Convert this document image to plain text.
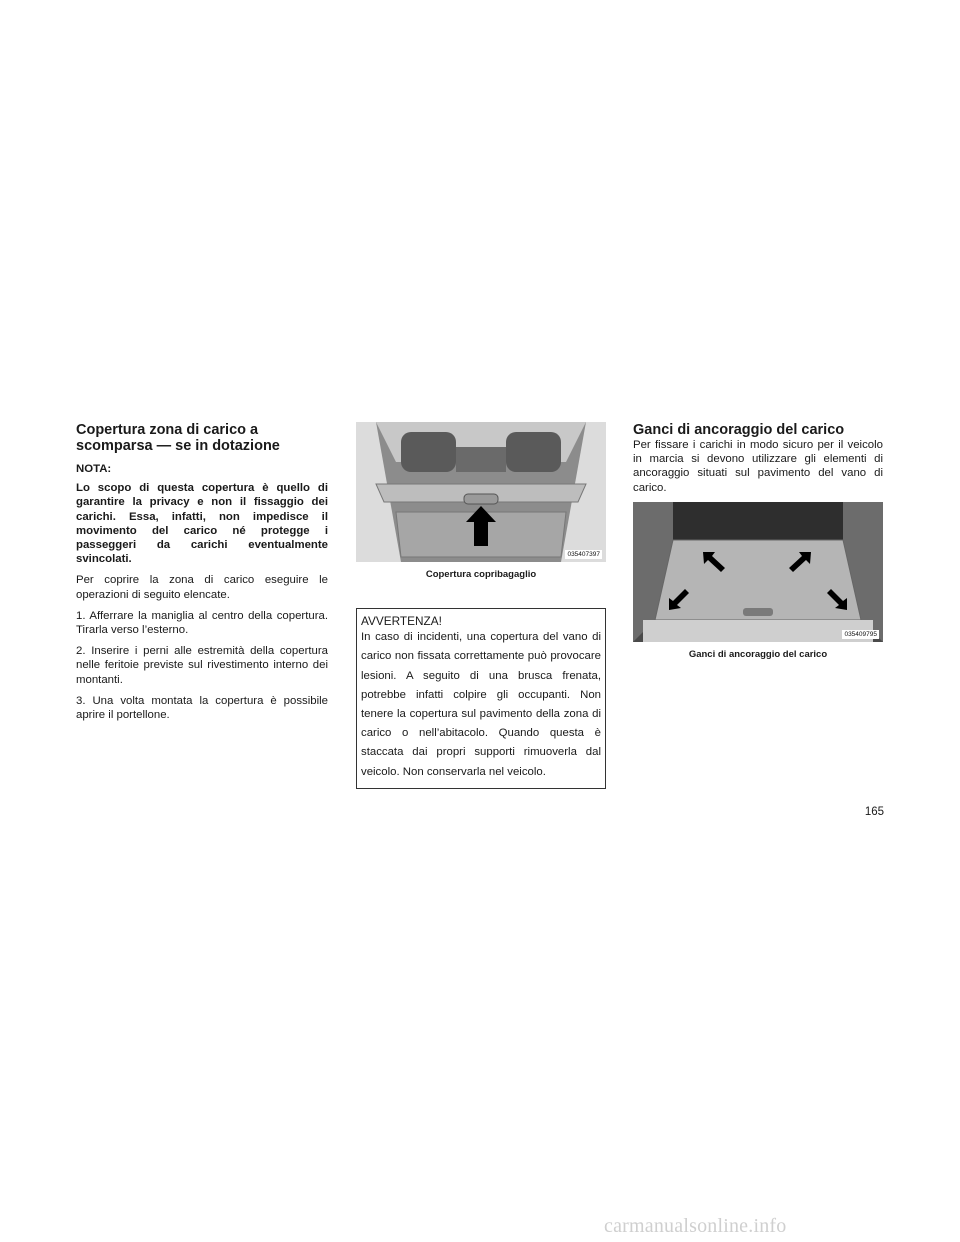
Copertura zona di carico a
scomparsa — se in dotazione

NOTA:

Lo scopo di questa copertura è quello di garantire la privacy e non il fissaggio dei carichi. Essa, infatti, non impedisce il movimento del carico né protegge i passeggeri da carichi eventualmente svincolati.

Per coprire la zona di carico eseguire le operazioni di seguito elencate.

1. Afferrare la maniglia al centro della copertura. Tirarla verso l’esterno.

2. Inserire i perni alle estremità della copertura nelle feritoie previste sul rivestimento interno dei montanti.

3. Una volta montata la copertura è possibile aprire il portellone.

035407397

Copertura copribagaglio

AVVERTENZA!

In caso di incidenti, una copertura del vano di carico non fissata correttamente può provocare lesioni. A seguito di una brusca frenata, potrebbe infatti colpire gli occupanti. Non tenere la copertura sul pavimento della zona di carico o nell’abitacolo. Quando questa è staccata dai propri supporti rimuoverla dal veicolo. Non conservarla nel veicolo.

Ganci di ancoraggio del carico

Per fissare i carichi in modo sicuro per il veicolo in marcia si devono utilizzare gli elementi di ancoraggio situati sul pavimento del vano di carico.

035409795

Ganci di ancoraggio del carico

165
carmanualsonline.info
